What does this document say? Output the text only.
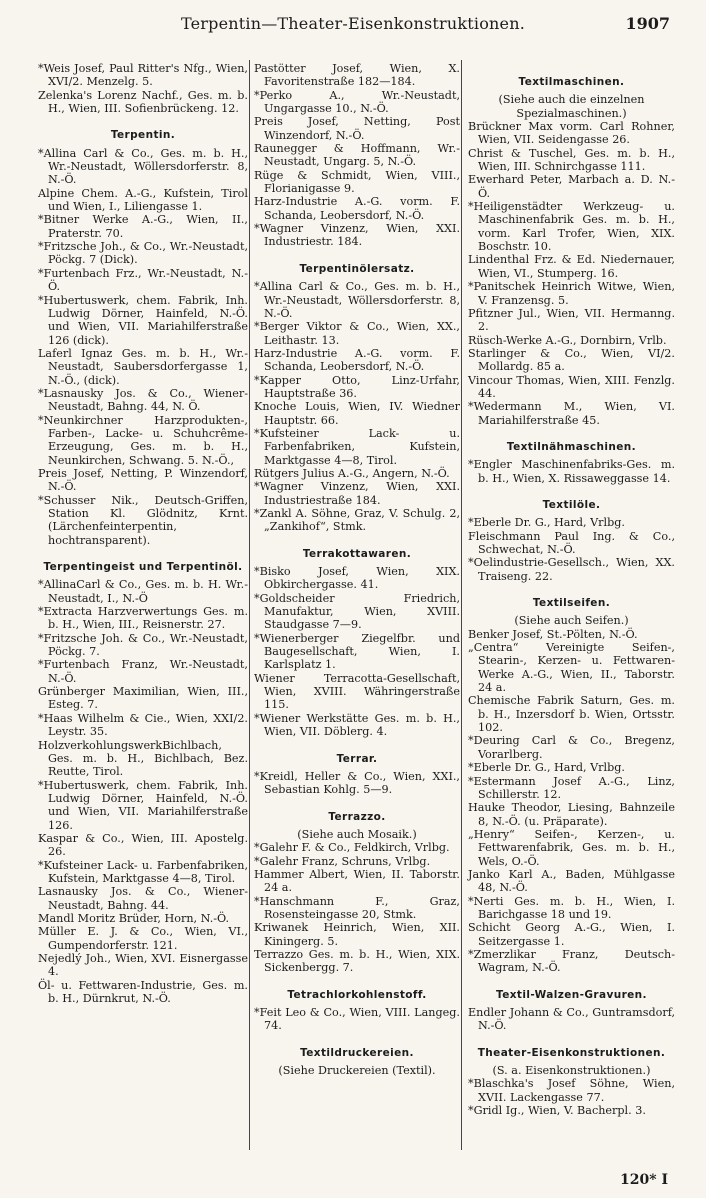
Terpentin—Theater-Eisenkonstruktionen.	1907
*Weis Josef, Paul Ritter's Nfg., Wien, XVI/2. Menzelg. 5.
Zelenka's Lorenz Nachf., Ges. m. b. H., Wien, III. Sofienbrückeng. 12.
Terpentin.
*Allina Carl & Co., Ges. m. b. H., Wr.-Neustadt, Wöllersdorferstr. 8, N.-Ö.
Alpine Chem. A.-G., Kufstein, Tirol und Wien, I., Liliengasse 1.
*Bitner Werke A.-G., Wien, II., Praterstr. 70.
*Fritzsche Joh., & Co., Wr.-Neustadt, Pöckg. 7 (Dick).
*Furtenbach Frz., Wr.-Neustadt, N.-Ö.
*Hubertuswerk, chem. Fabrik, Inh. Ludwig Dörner, Hainfeld, N.-Ö. und Wien, VII. Mariahilferstraße 126 (dick).
Laferl Ignaz Ges. m. b. H., Wr.-Neustadt, Saubersdorfergasse 1, N.-Ö., (dick).
*Lasnausky Jos. & Co., Wiener-Neustadt, Bahng. 44, N. Ö.
*Neunkirchner Harzprodukten-, Farben-, Lacke- u. Schuhcrême-Erzeugung, Ges. m. b. H., Neunkirchen, Schwang. 5. N.-Ö.,
Preis Josef, Netting, P. Winzendorf, N.-Ö.
*Schusser Nik., Deutsch-Griffen, Station Kl. Glödnitz, Krnt. (Lärchenfeinterpentin, hochtransparent).
Terpentingeist und Terpentinöl.
*AllinaCarl & Co., Ges. m. b. H. Wr.-Neustadt, I., N.-Ö
*Extracta Harzverwertungs Ges. m. b. H., Wien, III., Reisnerstr. 27.
*Fritzsche Joh. & Co., Wr.-Neustadt, Pöckg. 7.
*Furtenbach Franz, Wr.-Neustadt, N.-Ö.
Grünberger Maximilian, Wien, III., Esteg. 7.
*Haas Wilhelm & Cie., Wien, XXI/2. Leystr. 35.
HolzverkohlungswerkBichlbach, Ges. m. b. H., Bichlbach, Bez. Reutte, Tirol.
*Hubertuswerk, chem. Fabrik, Inh. Ludwig Dörner, Hainfeld, N.-Ö. und Wien, VII. Mariahilferstraße 126.
Kaspar & Co., Wien, III. Apostelg. 26.
*Kufsteiner Lack- u. Farbenfabriken, Kufstein, Marktgasse 4—8, Tirol.
Lasnausky Jos. & Co., Wiener-Neustadt, Bahng. 44.
Mandl Moritz Brüder, Horn, N.-Ö.
Müller E. J. & Co., Wien, VI., Gumpendorferstr. 121.
Nejedlý Joh., Wien, XVI. Eisnergasse 4.
Öl- u. Fettwaren-Industrie, Ges. m. b. H., Dürnkrut, N.-Ö.
Pastötter Josef, Wien, X. Favoritenstraße 182—184.
*Perko A., Wr.-Neustadt, Ungargasse 10., N.-Ö.
Preis Josef, Netting, Post Winzendorf, N.-Ö.
Raunegger & Hoffmann, Wr.-Neustadt, Ungarg. 5, N.-Ö.
Rüge & Schmidt, Wien, VIII., Florianigasse 9.
Harz-Industrie A.-G. vorm. F. Schanda, Leobersdorf, N.-Ö.
*Wagner Vinzenz, Wien, XXI. Industriestr. 184.
Terpentinölersatz.
*Allina Carl & Co., Ges. m. b. H., Wr.-Neustadt, Wöllersdorferstr. 8, N.-Ö.
*Berger Viktor & Co., Wien, XX., Leithastr. 13.
Harz-Industrie A.-G. vorm. F. Schanda, Leobersdorf, N.-Ö.
*Kapper Otto, Linz-Urfahr, Hauptstraße 36.
Knoche Louis, Wien, IV. Wiedner Hauptstr. 66.
*Kufsteiner Lack- u. Farbenfabriken, Kufstein, Marktgasse 4—8, Tirol.
Rütgers Julius A.-G., Angern, N.-Ö.
*Wagner Vinzenz, Wien, XXI. Industriestraße 184.
*Zankl A. Söhne, Graz, V. Schulg. 2, „Zankihof“, Stmk.
Terrakottawaren.
*Bisko Josef, Wien, XIX. Obkirchergasse. 41.
*Goldscheider Friedrich, Manufaktur, Wien, XVIII. Staudgasse 7—9.
*Wienerberger Ziegelfbr. und Baugesellschaft, Wien, I. Karlsplatz 1.
Wiener Terracotta-Gesellschaft, Wien, XVIII. Währingerstraße 115.
*Wiener Werkstätte Ges. m. b. H., Wien, VII. Döblerg. 4.
Terrar.
*Kreidl, Heller & Co., Wien, XXI., Sebastian Kohlg. 5—9.
Terrazzo.
(Siehe auch Mosaik.)
*Galehr F. & Co., Feldkirch, Vrlbg.
*Galehr Franz, Schruns, Vrlbg.
Hammer Albert, Wien, II. Taborstr. 24 a.
*Hanschmann F., Graz, Rosensteingasse 20, Stmk.
Kriwanek Heinrich, Wien, XII. Kiningerg. 5.
Terrazzo Ges. m. b. H., Wien, XIX. Sickenbergg. 7.
Tetrachlorkohlenstoff.
*Feit Leo & Co., Wien, VIII. Langeg. 74.
Textildruckereien.
(Siehe Druckereien (Textil).
Textilmaschinen.
(Siehe auch die einzelnen Spezialmaschinen.)
Brückner Max vorm. Carl Rohner, Wien, VII. Seidengasse 26.
Christ & Tuschel, Ges. m. b. H., Wien, III. Schnirchgasse 111.
Ewerhard Peter, Marbach a. D. N.-Ö.
*Heiligenstädter Werkzeug- u. Maschinenfabrik Ges. m. b. H., vorm. Karl Trofer, Wien, XIX. Boschstr. 10.
Lindenthal Frz. & Ed. Niedernauer, Wien, VI., Stumperg. 16.
*Panitschek Heinrich Witwe, Wien, V. Franzensg. 5.
Pfitzner Jul., Wien, VII. Hermanng. 2.
Rüsch-Werke A.-G., Dornbirn, Vrlb.
Starlinger & Co., Wien, VI/2. Mollardg. 85 a.
Vincour Thomas, Wien, XIII. Fenzlg. 44.
*Wedermann M., Wien, VI. Mariahilferstraße 45.
Textilnähmaschinen.
*Engler Maschinenfabriks-Ges. m. b. H., Wien, X. Rissaweggasse 14.
Textilöle.
*Eberle Dr. G., Hard, Vrlbg.
Fleischmann Paul Ing. & Co., Schwechat, N.-Ö.
*Oelindustrie-Gesellsch., Wien, XX. Traiseng. 22.
Textilseifen.
(Siehe auch Seifen.)
Benker Josef, St.-Pölten, N.-Ö.
„Centra“ Vereinigte Seifen-, Stearin-, Kerzen- u. Fettwaren-Werke A.-G., Wien, II., Taborstr. 24 a.
Chemische Fabrik Saturn, Ges. m. b. H., Inzersdorf b. Wien, Ortsstr. 102.
*Deuring Carl & Co., Bregenz, Vorarlberg.
*Eberle Dr. G., Hard, Vrlbg.
*Estermann Josef A.-G., Linz, Schillerstr. 12.
Hauke Theodor, Liesing, Bahnzeile 8, N.-Ö. (u. Präparate).
„Henry“ Seifen-, Kerzen-, u. Fettwarenfabrik, Ges. m. b. H., Wels, O.-Ö.
Janko Karl A., Baden, Mühlgasse 48, N.-Ö.
*Nerti Ges. m. b. H., Wien, I. Barichgasse 18 und 19.
Schicht Georg A.-G., Wien, I. Seitzergasse 1.
*Zmerzlikar Franz, Deutsch-Wagram, N.-Ö.
Textil-Walzen-Gravuren.
Endler Johann & Co., Guntramsdorf, N.-Ö.
Theater-Eisenkonstruktionen.
(S. a. Eisenkonstruktionen.)
*Blaschka's Josef Söhne, Wien, XVII. Lackengasse 77.
*Gridl Ig., Wien, V. Bacherpl. 3.
120* I
